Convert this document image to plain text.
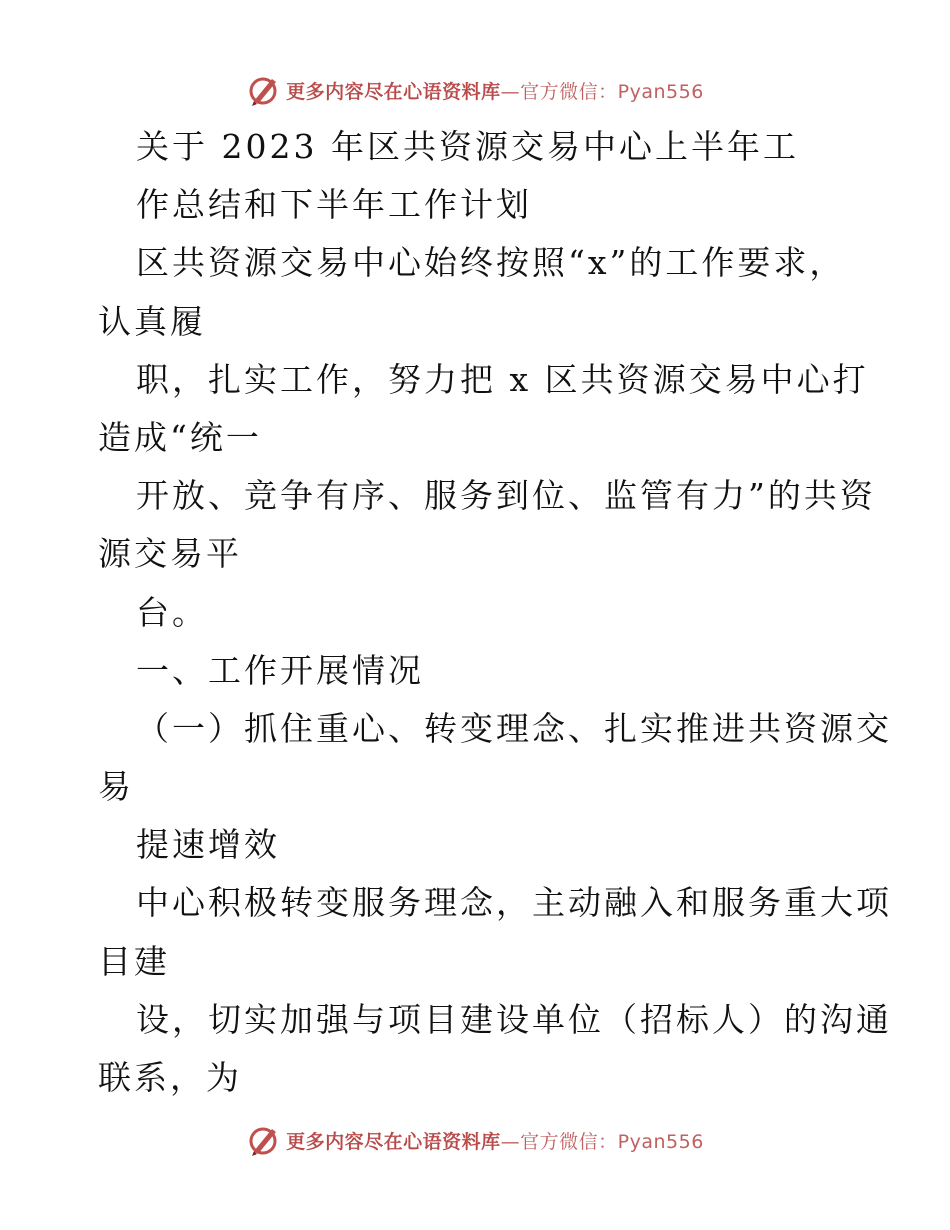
更多内容尽在心语资料库—官方微信：Pyan556
关于 2023 年区共资源交易中心上半年工
作总结和下半年工作计划
区共资源交易中心始终按照“x”的工作要求，
认真履
职，扎实工作，努力把 x 区共资源交易中心打
造成“统一
开放、竞争有序、服务到位、监管有力”的共资
源交易平
台。
一、工作开展情况
（一）抓住重心、转变理念、扎实推进共资源交
易
提速增效
中心积极转变服务理念，主动融入和服务重大项
目建
设，切实加强与项目建设单位（招标人）的沟通
联系，为
更多内容尽在心语资料库—官方微信：Pyan556
